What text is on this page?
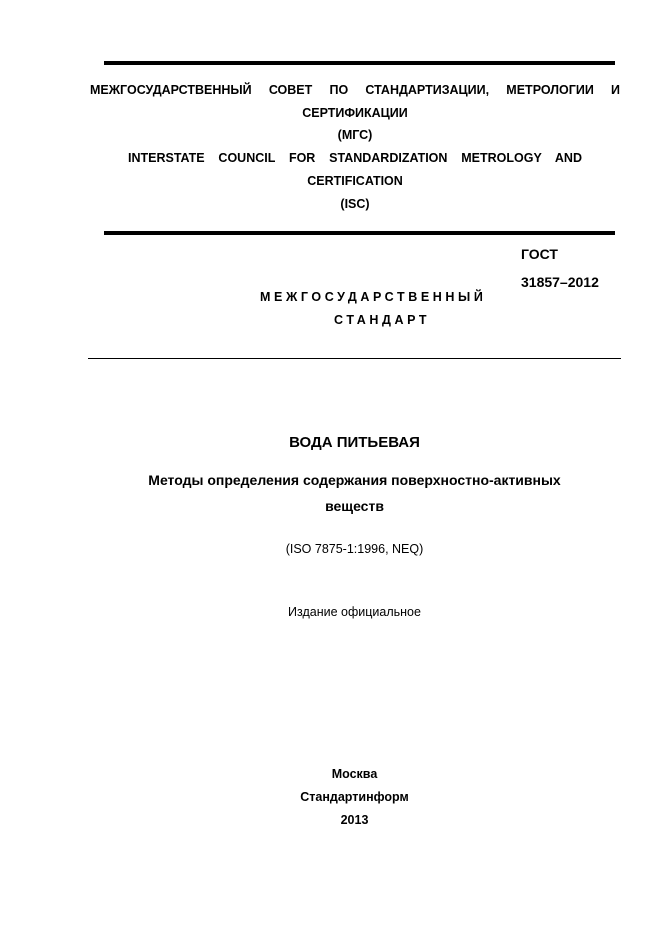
МЕЖГОСУДАРСТВЕННЫЙ СОВЕТ ПО СТАНДАРТИЗАЦИИ, МЕТРОЛОГИИ И
СЕРТИФИКАЦИИ
(МГС)
INTERSTATE COUNCIL FOR STANDARDIZATION METROLOGY AND
CERTIFICATION
(ISC)
ГОСТ
31857–2012
МЕЖГОСУДАРСТВЕННЫЙ
СТАНДАРТ
ВОДА ПИТЬЕВАЯ
Методы определения содержания поверхностно-активных
веществ
(ISO 7875-1:1996, NEQ)
Издание официальное
Москва
Стандартинформ
2013
